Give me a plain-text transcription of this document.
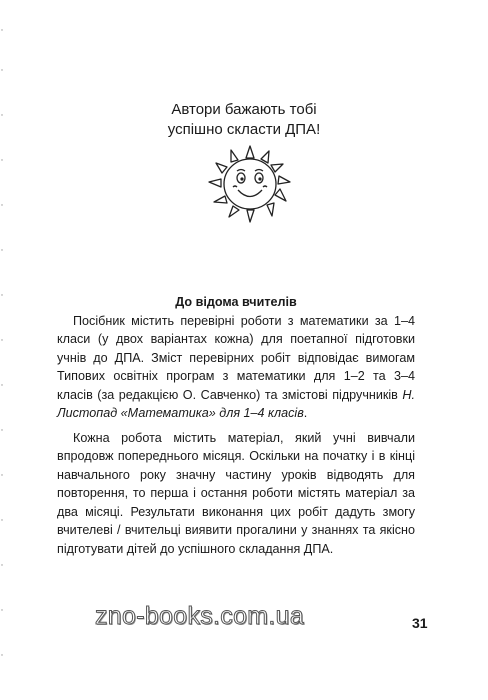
Автори бажають тобі
успішно скласти ДПА!
До відома вчителів

Посібник містить перевірні роботи з математики за 1–4 класи (у двох варіантах кожна) для поетапної підготовки учнів до ДПА. Зміст перевірних робіт відповідає вимогам Типових освітніх програм з математики для 1–2 та 3–4 класів (за редакцією О. Савченко) та змістові підручників Н. Листопад «Математика» для 1–4 класів.

Кожна робота містить матеріал, який учні вивчали впродовж попереднього місяця. Оскільки на початку і в кінці навчального року значну частину уроків відводять для повторення, то перша і остання роботи містять матеріал за два місяці. Результати виконання цих робіт дадуть змогу вчителеві / вчительці виявити прогалини у знаннях та якісно підготувати дітей до успішного складання ДПА.

zno-books.com.ua	31
